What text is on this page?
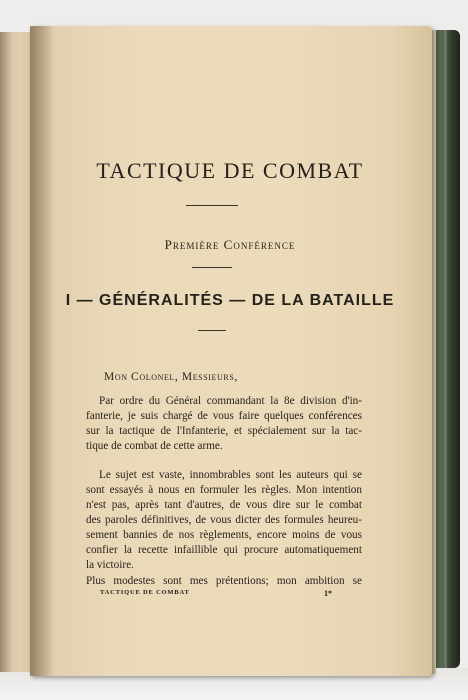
TACTIQUE DE COMBAT
Première Conférence
I — GÉNÉRALITÉS — DE LA BATAILLE
Mon Colonel, Messieurs,
Par ordre du Général commandant la 8e division d'in-
fanterie, je suis chargé de vous faire quelques conférences
sur la tactique de l'Infanterie, et spécialement sur la tac-
tique de combat de cette arme.
Le sujet est vaste, innombrables sont les auteurs qui se
sont essayés à nous en formuler les règles. Mon intention
n'est pas, après tant d'autres, de vous dire sur le combat
des paroles définitives, de vous dicter des formules heureu-
sement bannies de nos règlements, encore moins de vous
confier la recette infaillible qui procure automatiquement
la victoire.
Plus modestes sont mes prétentions; mon ambition se
TACTIQUE DE COMBAT	1*
